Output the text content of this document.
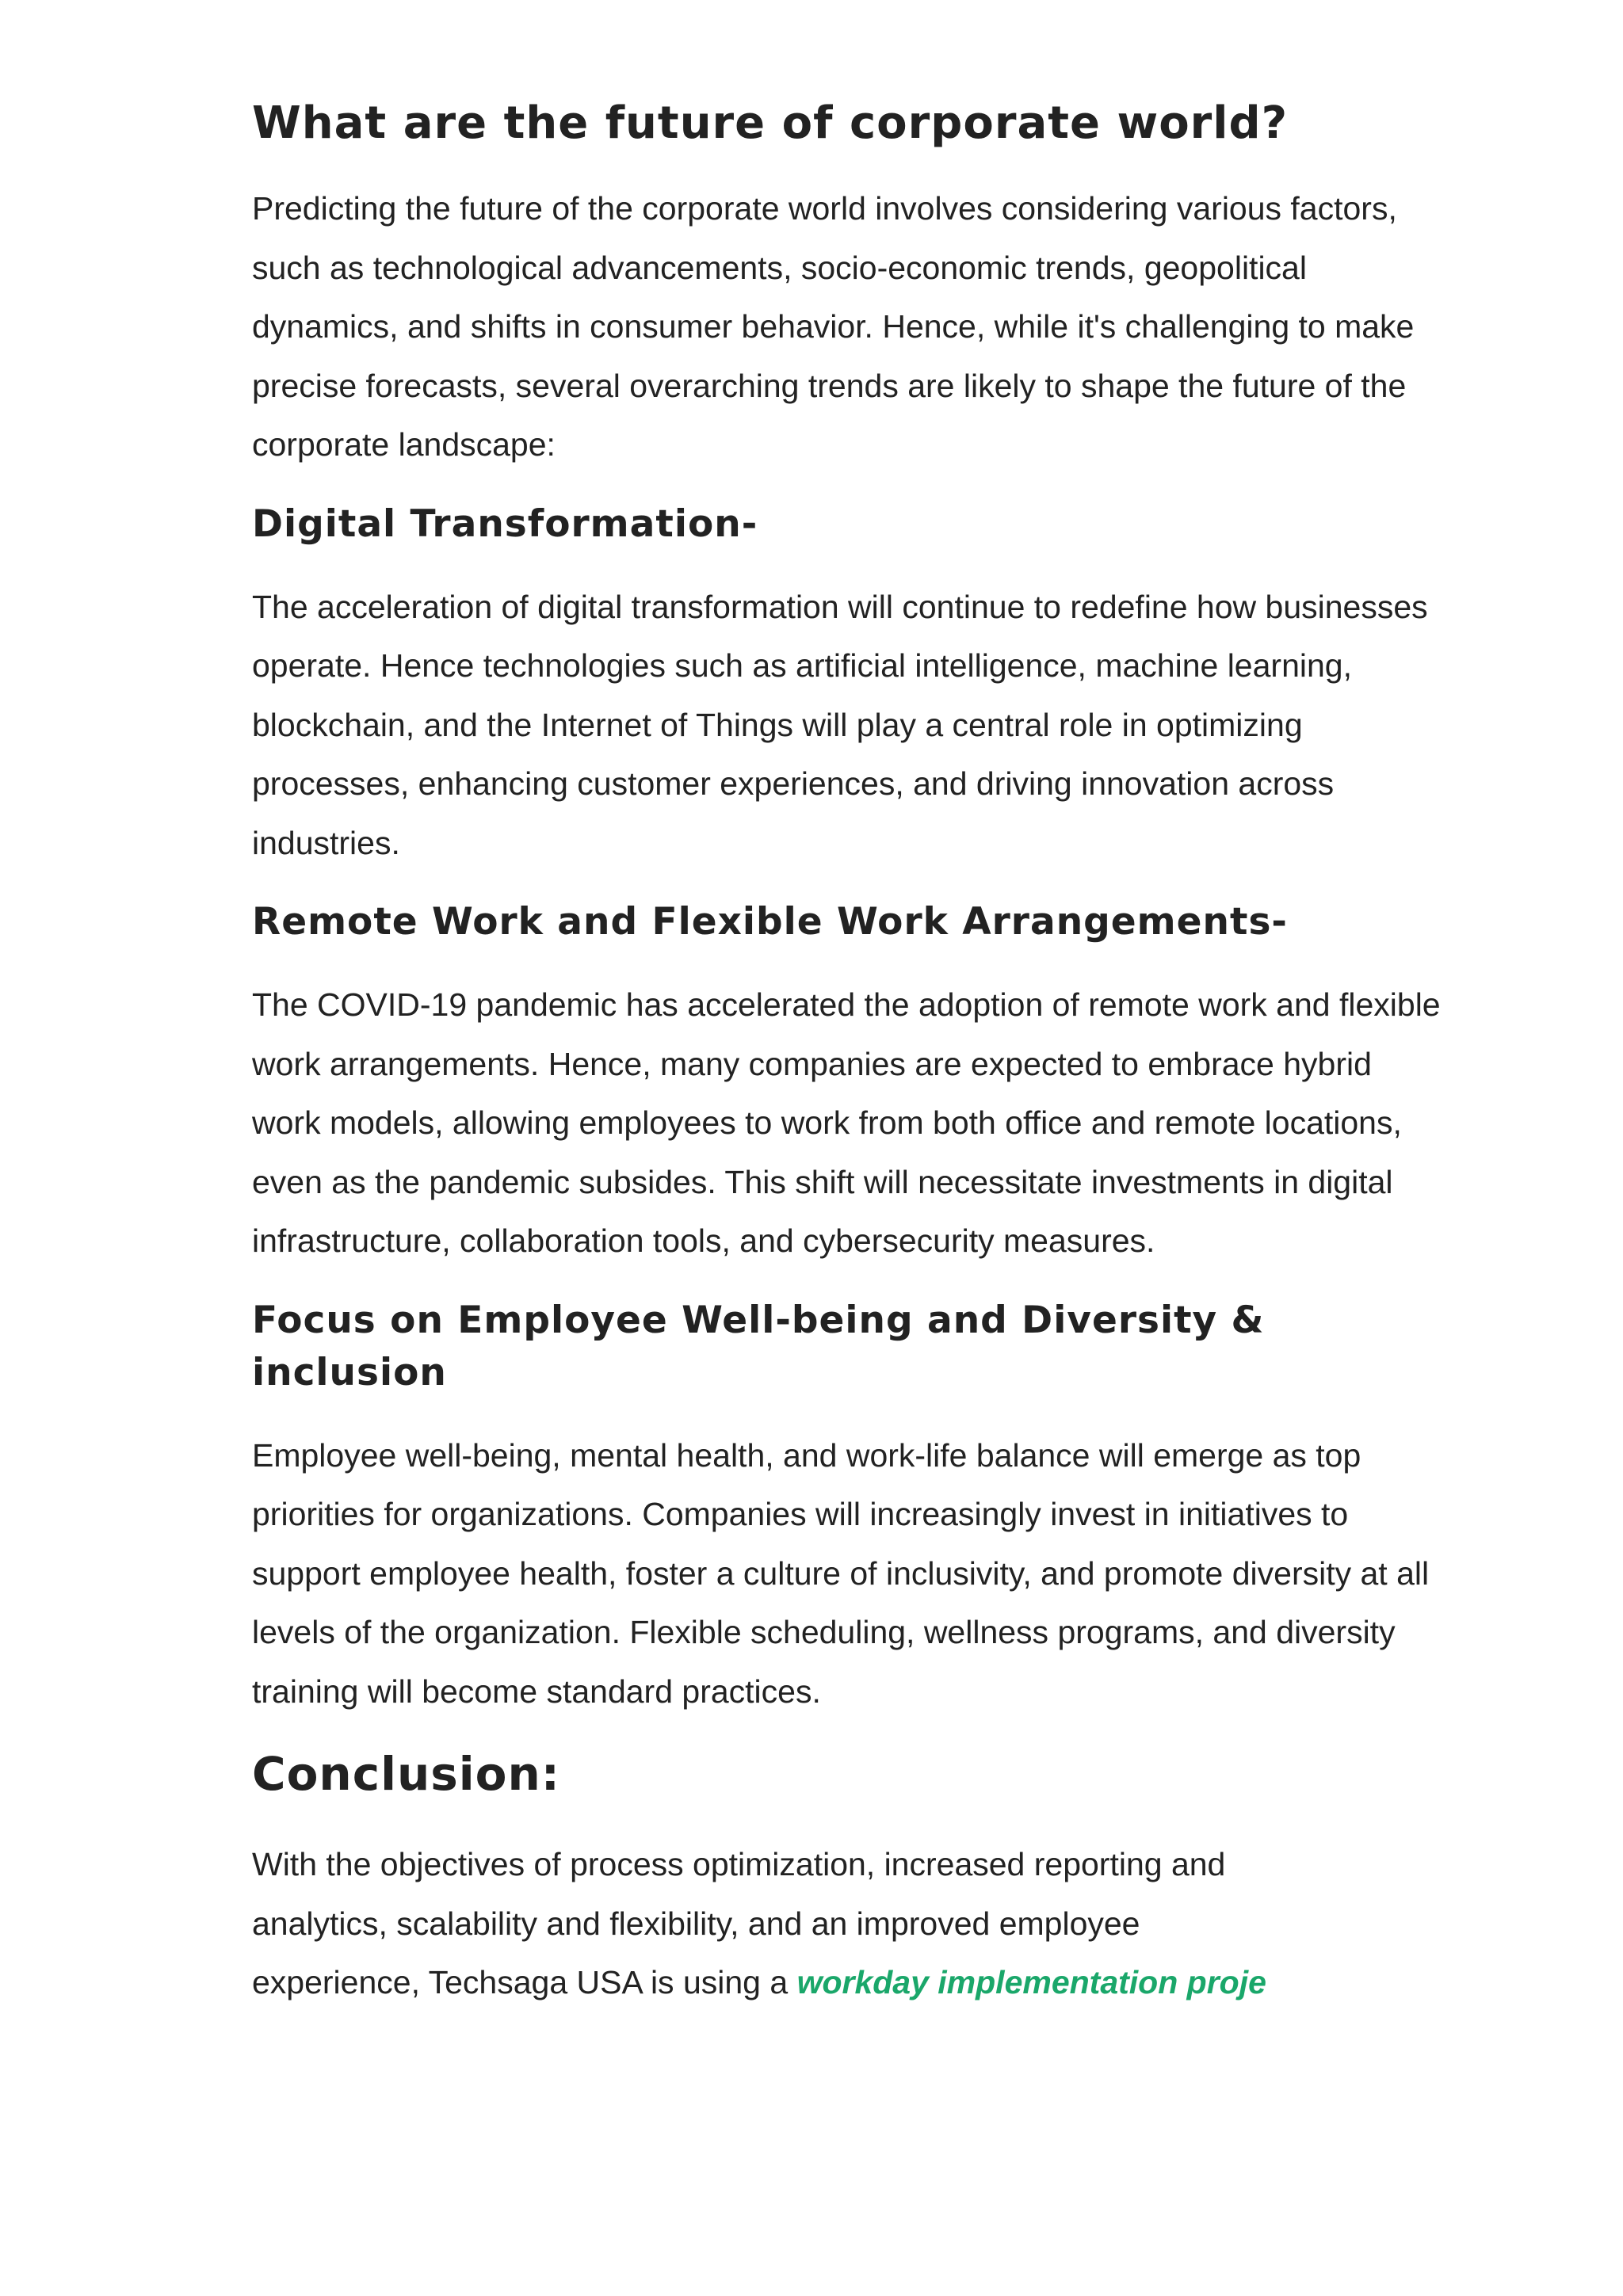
What are the future of corporate world?

Predicting the future of the corporate world involves considering various factors, such as technological advancements, socio-economic trends, geopolitical dynamics, and shifts in consumer behavior. Hence, while it's challenging to make precise forecasts, several overarching trends are likely to shape the future of the corporate landscape:

Digital Transformation-

The acceleration of digital transformation will continue to redefine how businesses operate. Hence technologies such as artificial intelligence, machine learning, blockchain, and the Internet of Things will play a central role in optimizing processes, enhancing customer experiences, and driving innovation across industries.

Remote Work and Flexible Work Arrangements-

The COVID-19 pandemic has accelerated the adoption of remote work and flexible work arrangements. Hence, many companies are expected to embrace hybrid work models, allowing employees to work from both office and remote locations, even as the pandemic subsides. This shift will necessitate investments in digital infrastructure, collaboration tools, and cybersecurity measures.

Focus on Employee Well-being and Diversity & inclusion

Employee well-being, mental health, and work-life balance will emerge as top priorities for organizations. Companies will increasingly invest in initiatives to support employee health, foster a culture of inclusivity, and promote diversity at all levels of the organization. Flexible scheduling, wellness programs, and diversity training will become standard practices.

Conclusion:

With the objectives of process optimization, increased reporting and
analytics, scalability and flexibility, and an improved employee
experience, Techsaga USA is using a workday implementation proje
